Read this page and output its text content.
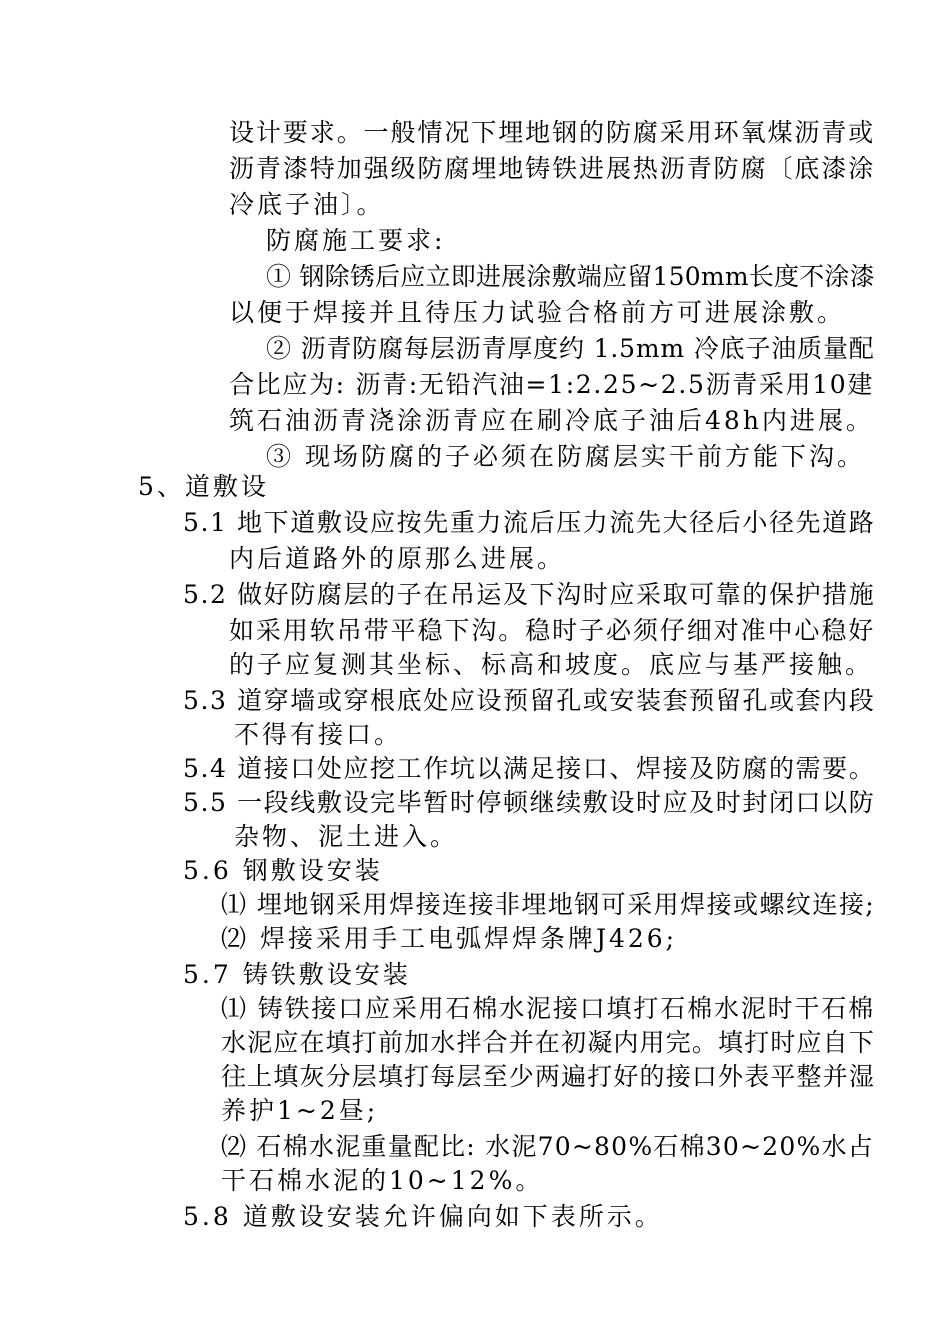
设计要求。一般情况下埋地钢的防腐采用环氧煤沥青或
沥青漆特加强级防腐埋地铸铁进展热沥青防腐〔底漆涂
冷底子油〕。
防腐施工要求:
① 钢除锈后应立即进展涂敷端应留150mm长度不涂漆
以便于焊接并且待压力试验合格前方可进展涂敷。
② 沥青防腐每层沥青厚度约 1.5mm 冷底子油质量配
合比应为: 沥青:无铅汽油=1:2.25~2.5沥青采用10建
筑石油沥青浇涂沥青应在刷冷底子油后48h内进展。
③ 现场防腐的子必须在防腐层实干前方能下沟。
5、道敷设
5.1 地下道敷设应按先重力流后压力流先大径后小径先道路
内后道路外的原那么进展。
5.2 做好防腐层的子在吊运及下沟时应采取可靠的保护措施
如采用软吊带平稳下沟。稳时子必须仔细对准中心稳好
的子应复测其坐标、标高和坡度。底应与基严接触。
5.3 道穿墙或穿根底处应设预留孔或安装套预留孔或套内段
不得有接口。
5.4 道接口处应挖工作坑以满足接口、焊接及防腐的需要。
5.5 一段线敷设完毕暂时停顿继续敷设时应及时封闭口以防
杂物、泥土进入。
5.6 钢敷设安装
⑴ 埋地钢采用焊接连接非埋地钢可采用焊接或螺纹连接;
⑵ 焊接采用手工电弧焊焊条牌J426;
5.7 铸铁敷设安装
⑴ 铸铁接口应采用石棉水泥接口填打石棉水泥时干石棉
水泥应在填打前加水拌合并在初凝内用完。填打时应自下
往上填灰分层填打每层至少两遍打好的接口外表平整并湿
养护1~2昼;
⑵ 石棉水泥重量配比: 水泥70~80%石棉30~20%水占
干石棉水泥的10~12%。
5.8 道敷设安装允许偏向如下表所示。
